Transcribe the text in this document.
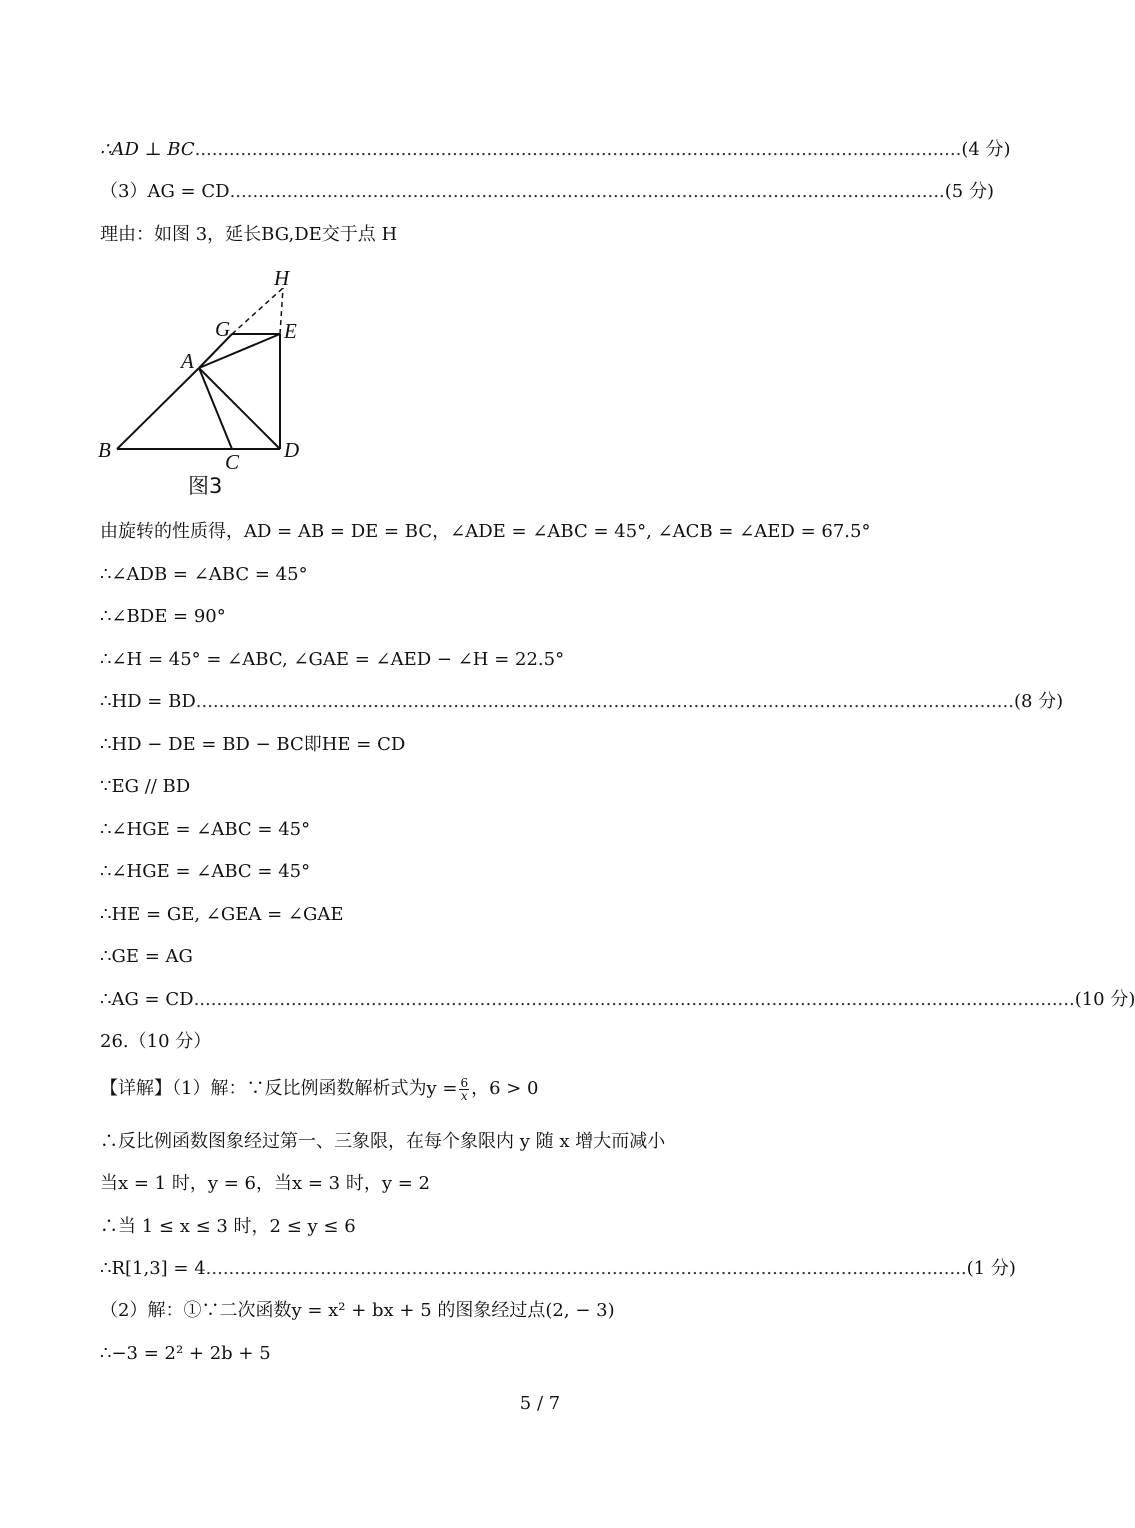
∴AD ⊥ BC......................................................................................................................................(4 分)
（3）AG = CD.............................................................................................................................(5 分)
理由：如图 3，延长BG,DE交于点 H
H
G	E
A
B	C D
图3
由旋转的性质得，AD = AB = DE = BC，∠ADE = ∠ABC = 45°, ∠ACB = ∠AED = 67.5°
∴∠ADB = ∠ABC = 45°
∴∠BDE = 90°
∴∠H = 45° = ∠ABC, ∠GAE = ∠AED − ∠H = 22.5°
∴HD = BD...............................................................................................................................................(8 分)
∴HD − DE = BD − BC即HE = CD
∵EG // BD
∴∠HGE = ∠ABC = 45°
∴∠HGE = ∠ABC = 45°
∴HE = GE, ∠GEA = ∠GAE
∴GE = AG
∴AG = CD..........................................................................................................................................................(10 分)
26.（10 分）
【详解】（1）解：∵反比例函数解析式为$y = \frac{6}{x}$ ，6 > 0
∴反比例函数图象经过第一、三象限，在每个象限内 y 随 x 增大而减小
当x = 1 时，y = 6，当x = 3 时，y = 2
∴当 1 ≤ x ≤ 3 时，2 ≤ y ≤ 6
∴R[1,3] = 4.....................................................................................................................................(1 分)
（2）解：①∵二次函数y = x² + bx + 5 的图象经过点(2, − 3)
∴−3 = 2² + 2b + 5
5 / 7
